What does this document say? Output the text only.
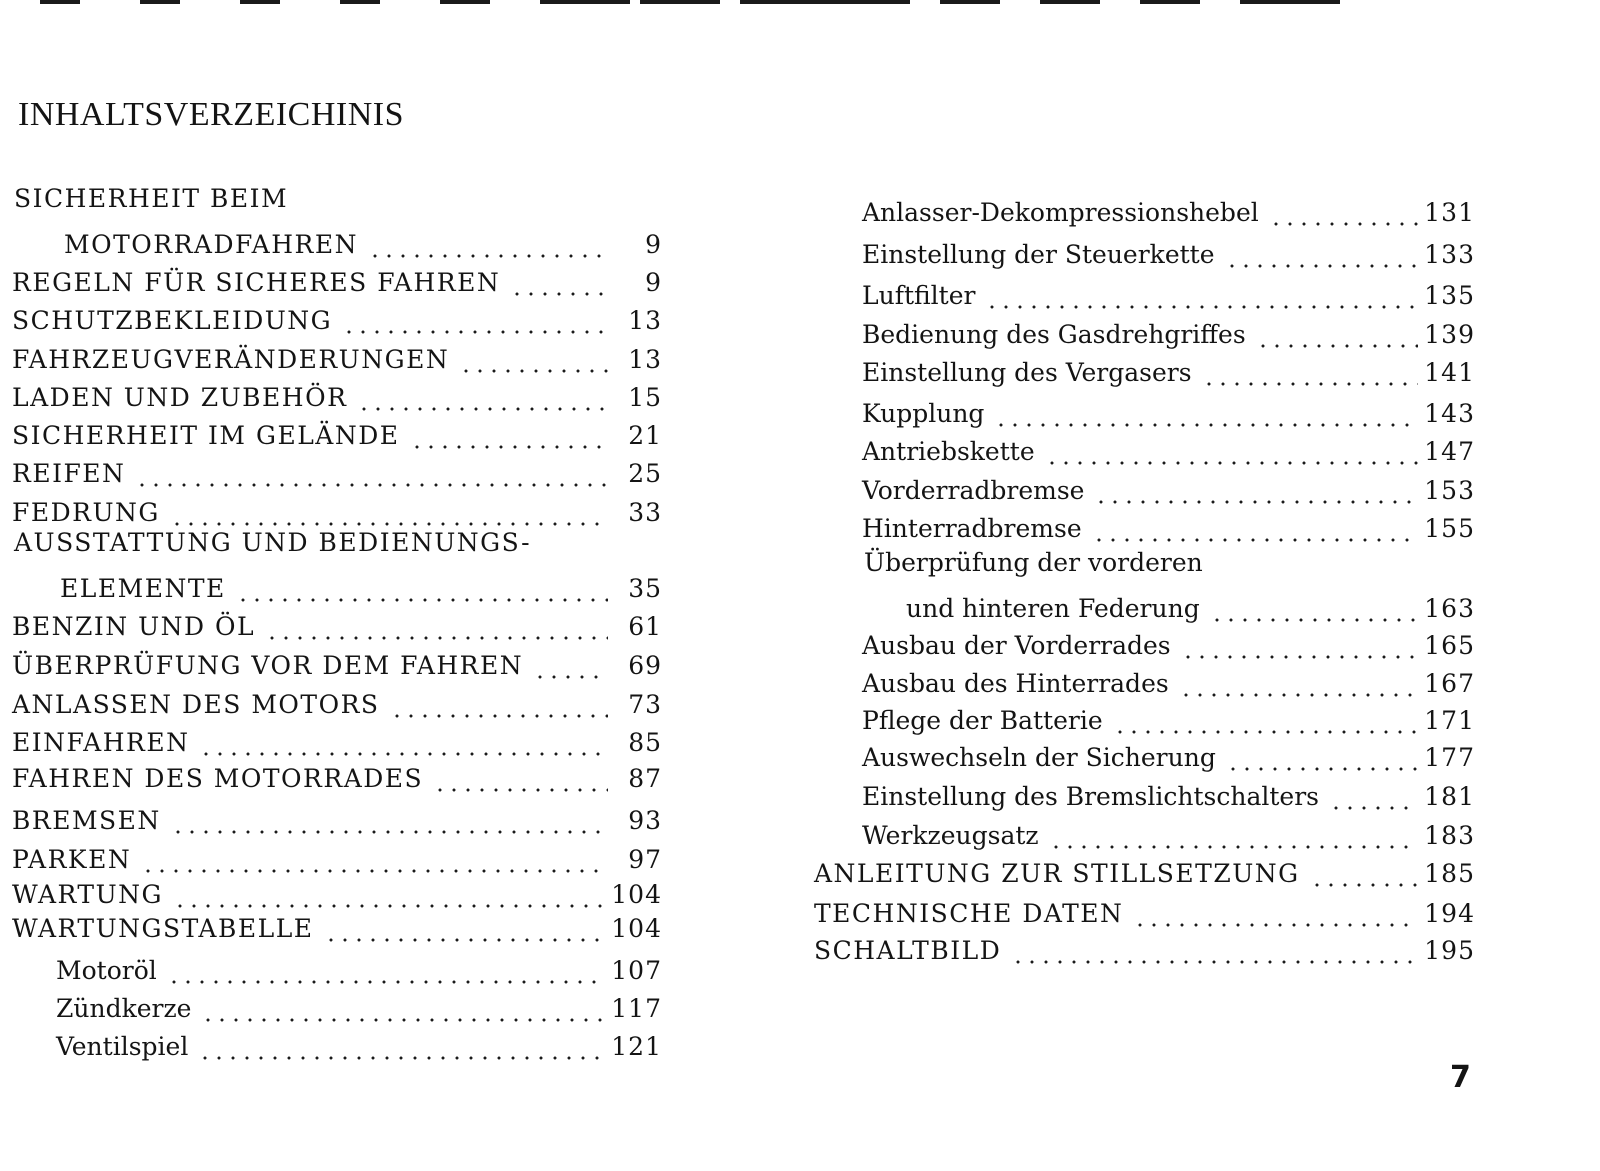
INHALTSVERZEICHINIS
SICHERHEIT BEIM
MOTORRADFAHREN	9
REGELN FÜR SICHERES FAHREN	9
SCHUTZBEKLEIDUNG	13
FAHRZEUGVERÄNDERUNGEN	13
LADEN UND ZUBEHÖR	15
SICHERHEIT IM GELÄNDE	21
REIFEN	25
FEDRUNG	33
AUSSTATTUNG UND BEDIENUNGS-
ELEMENTE	35
BENZIN UND ÖL	61
ÜBERPRÜFUNG VOR DEM FAHREN	69
ANLASSEN DES MOTORS	73
EINFAHREN	85
FAHREN DES MOTORRADES	87
BREMSEN	93
PARKEN	97
WARTUNG	104
WARTUNGSTABELLE	104
Motoröl	107
Zündkerze	117
Ventilspiel	121
Anlasser-Dekompressionshebel	131
Einstellung der Steuerkette	133
Luftfilter	135
Bedienung des Gasdrehgriffes	139
Einstellung des Vergasers	141
Kupplung	143
Antriebskette	147
Vorderradbremse	153
Hinterradbremse	155
Überprüfung der vorderen
und hinteren Federung	163
Ausbau der Vorderrades	165
Ausbau des Hinterrades	167
Pflege der Batterie	171
Auswechseln der Sicherung	177
Einstellung des Bremslichtschalters	181
Werkzeugsatz	183
ANLEITUNG ZUR STILLSETZUNG	185
TECHNISCHE DATEN	194
SCHALTBILD	195
7
